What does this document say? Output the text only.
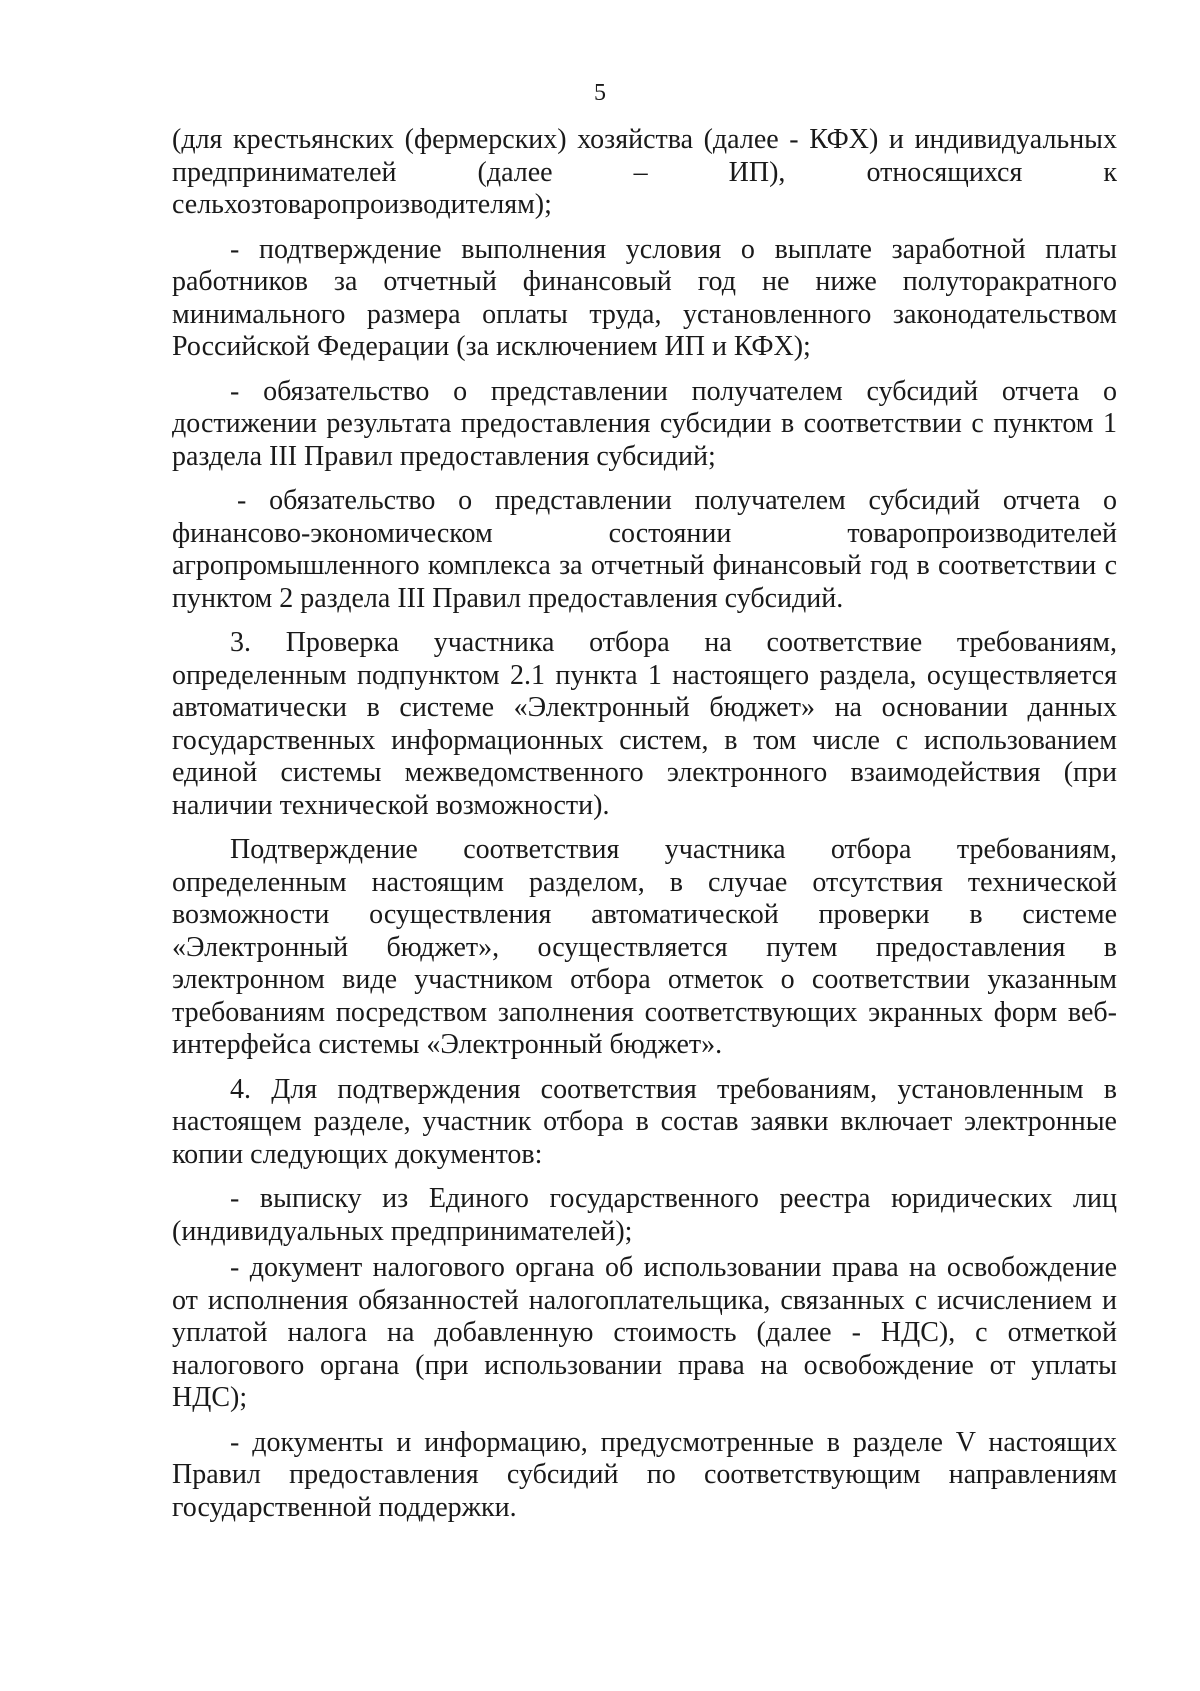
5

(для крестьянских (фермерских) хозяйства (далее - КФХ) и индивидуальных предпринимателей (далее – ИП), относящихся к сельхозтоваропроизводителям);

- подтверждение выполнения условия о выплате заработной платы работников за отчетный финансовый год не ниже полуторакратного минимального размера оплаты труда, установленного законодательством Российской Федерации (за исключением ИП и КФХ);

- обязательство о представлении получателем субсидий отчета о достижении результата предоставления субсидии в соответствии с пунктом 1 раздела III Правил предоставления субсидий;

- обязательство о представлении получателем субсидий отчета о финансово-экономическом состоянии товаропроизводителей агропромышленного комплекса за отчетный финансовый год в соответствии с пунктом 2 раздела III Правил предоставления субсидий.

3. Проверка участника отбора на соответствие требованиям, определенным подпунктом 2.1 пункта 1 настоящего раздела, осуществляется автоматически в системе «Электронный бюджет» на основании данных государственных информационных систем, в том числе с использованием единой системы межведомственного электронного взаимодействия (при наличии технической возможности).

Подтверждение соответствия участника отбора требованиям, определенным настоящим разделом, в случае отсутствия технической возможности осуществления автоматической проверки в системе «Электронный бюджет», осуществляется путем предоставления в электронном виде участником отбора отметок о соответствии указанным требованиям посредством заполнения соответствующих экранных форм веб-интерфейса системы «Электронный бюджет».

4. Для подтверждения соответствия требованиям, установленным в настоящем разделе, участник отбора в состав заявки включает электронные копии следующих документов:

- выписку из Единого государственного реестра юридических лиц (индивидуальных предпринимателей);

- документ налогового органа об использовании права на освобождение от исполнения обязанностей налогоплательщика, связанных с исчислением и уплатой налога на добавленную стоимость (далее - НДС), с отметкой налогового органа (при использовании права на освобождение от уплаты НДС);

- документы и информацию, предусмотренные в разделе V настоящих Правил предоставления субсидий по соответствующим направлениям государственной поддержки.
